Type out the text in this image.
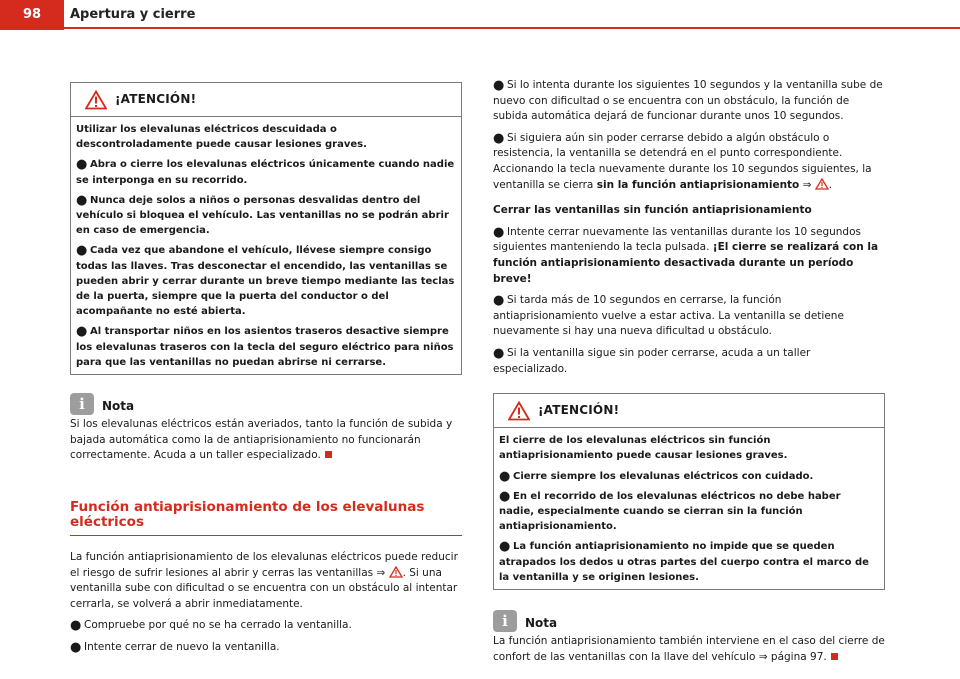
98	Apertura y cierre
¡ATENCIÓN!

Utilizar los elevalunas eléctricos descuidada o descontroladamente puede causar lesiones graves.

● Abra o cierre los elevalunas eléctricos únicamente cuando nadie se interponga en su recorrido.

● Nunca deje solos a niños o personas desvalidas dentro del vehículo si bloquea el vehículo. Las ventanillas no se podrán abrir en caso de emergencia.

● Cada vez que abandone el vehículo, llévese siempre consigo todas las llaves. Tras desconectar el encendido, las ventanillas se pueden abrir y cerrar durante un breve tiempo mediante las teclas de la puerta, siempre que la puerta del conductor o del acompañante no esté abierta.

● Al transportar niños en los asientos traseros desactive siempre los elevalunas traseros con la tecla del seguro eléctrico para niños para que las ventanillas no puedan abrirse ni cerrarse.

i	Nota

Si los elevalunas eléctricos están averiados, tanto la función de subida y bajada automática como la de antiaprisionamiento no funcionarán correctamente. Acuda a un taller especializado.

Función antiaprisionamiento de los elevalunas eléctricos

La función antiaprisionamiento de los elevalunas eléctricos puede reducir el riesgo de sufrir lesiones al abrir y cerras las ventanillas ⇒ . Si una ventanilla sube con dificultad o se encuentra con un obstáculo al intentar cerrarla, se volverá a abrir inmediatamente.

● Compruebe por qué no se ha cerrado la ventanilla.

● Intente cerrar de nuevo la ventanilla.

● Si lo intenta durante los siguientes 10 segundos y la ventanilla sube de nuevo con dificultad o se encuentra con un obstáculo, la función de subida automática dejará de funcionar durante unos 10 segundos.

● Si siguiera aún sin poder cerrarse debido a algún obstáculo o resistencia, la ventanilla se detendrá en el punto correspondiente. Accionando la tecla nuevamente durante los 10 segundos siguientes, la ventanilla se cierra sin la función antiaprisionamiento ⇒ .

Cerrar las ventanillas sin función antiaprisionamiento

● Intente cerrar nuevamente las ventanillas durante los 10 segundos siguientes manteniendo la tecla pulsada. ¡El cierre se realizará con la función antiaprisionamiento desactivada durante un período breve!

● Si tarda más de 10 segundos en cerrarse, la función antiaprisionamiento vuelve a estar activa. La ventanilla se detiene nuevamente si hay una nueva dificultad u obstáculo.

● Si la ventanilla sigue sin poder cerrarse, acuda a un taller especializado.

¡ATENCIÓN!

El cierre de los elevalunas eléctricos sin función antiaprisionamiento puede causar lesiones graves.

● Cierre siempre los elevalunas eléctricos con cuidado.

● En el recorrido de los elevalunas eléctricos no debe haber nadie, especialmente cuando se cierran sin la función antiaprisionamiento.

● La función antiaprisionamiento no impide que se queden atrapados los dedos u otras partes del cuerpo contra el marco de la ventanilla y se originen lesiones.

i	Nota

La función antiaprisionamiento también interviene en el caso del cierre de confort de las ventanillas con la llave del vehículo ⇒ página 97.
